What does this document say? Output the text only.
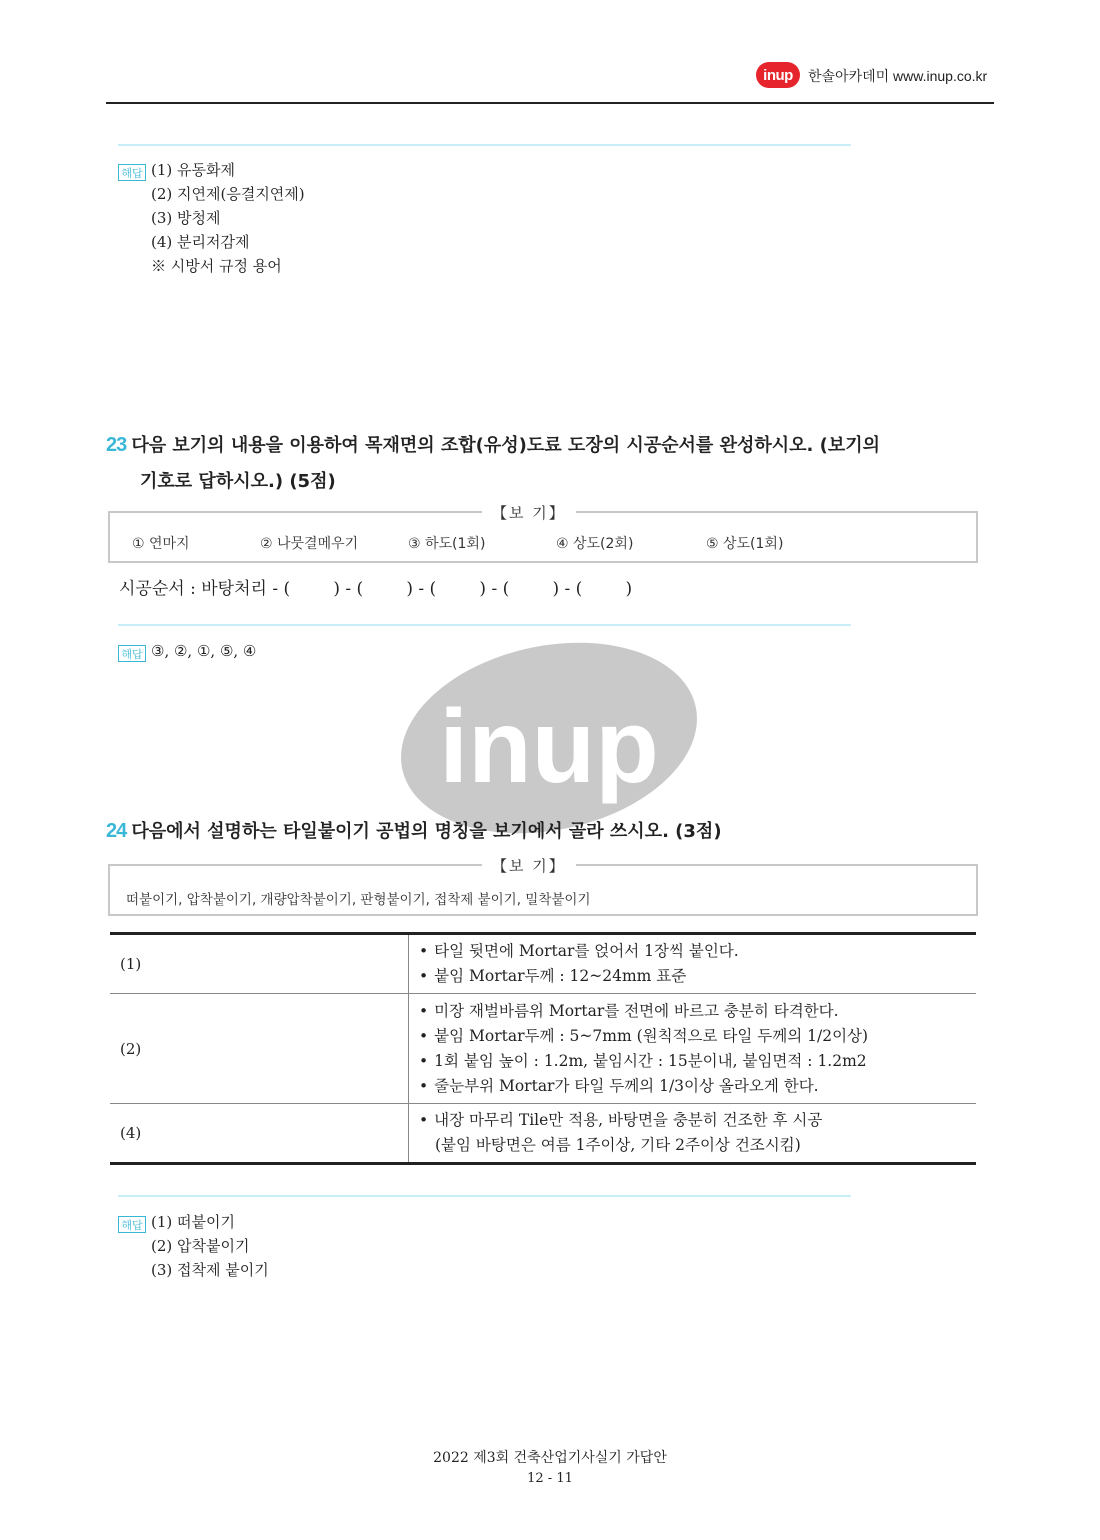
inup	한솔아카데미 www.inup.co.kr
inup
해답 (1) 유동화제
(2) 지연제(응결지연제)
(3) 방청제
(4) 분리저감제
※ 시방서 규정 용어
23 다음 보기의 내용을 이용하여 목재면의 조합(유성)도료 도장의 시공순서를 완성하시오. (보기의
기호로 답하시오.) (5점)
① 연마지	② 나뭇결메우기	③ 하도(1회)	④ 상도(2회)	⑤ 상도(1회)
【보 기】
시공순서 : 바탕처리 - (        ) - (        ) - (        ) - (        ) - (        )
해답 ③, ②, ①, ⑤, ④
24 다음에서 설명하는 타일붙이기 공법의 명칭을 보기에서 골라 쓰시오. (3점)
떠붙이기, 압착붙이기, 개량압착붙이기, 판형붙이기, 접착제 붙이기, 밀착붙이기
【보 기】
(1)	• 타일 뒷면에 Mortar를 얹어서 1장씩 붙인다.
• 붙임 Mortar두께 : 12~24mm 표준

(2)	• 미장 재벌바름위 Mortar를 전면에 바르고 충분히 타격한다.
• 붙임 Mortar두께 : 5~7mm (원칙적으로 타일 두께의 1/2이상)
• 1회 붙임 높이 : 1.2m, 붙임시간 : 15분이내, 붙임면적 : 1.2m2
• 줄눈부위 Mortar가 타일 두께의 1/3이상 올라오게 한다.

(4)	• 내장 마무리 Tile만 적용, 바탕면을 충분히 건조한 후 시공
(붙임 바탕면은 여름 1주이상, 기타 2주이상 건조시킴)
해답 (1) 떠붙이기
(2) 압착붙이기
(3) 접착제 붙이기
2022 제3회 건축산업기사실기 가답안
12 - 11
